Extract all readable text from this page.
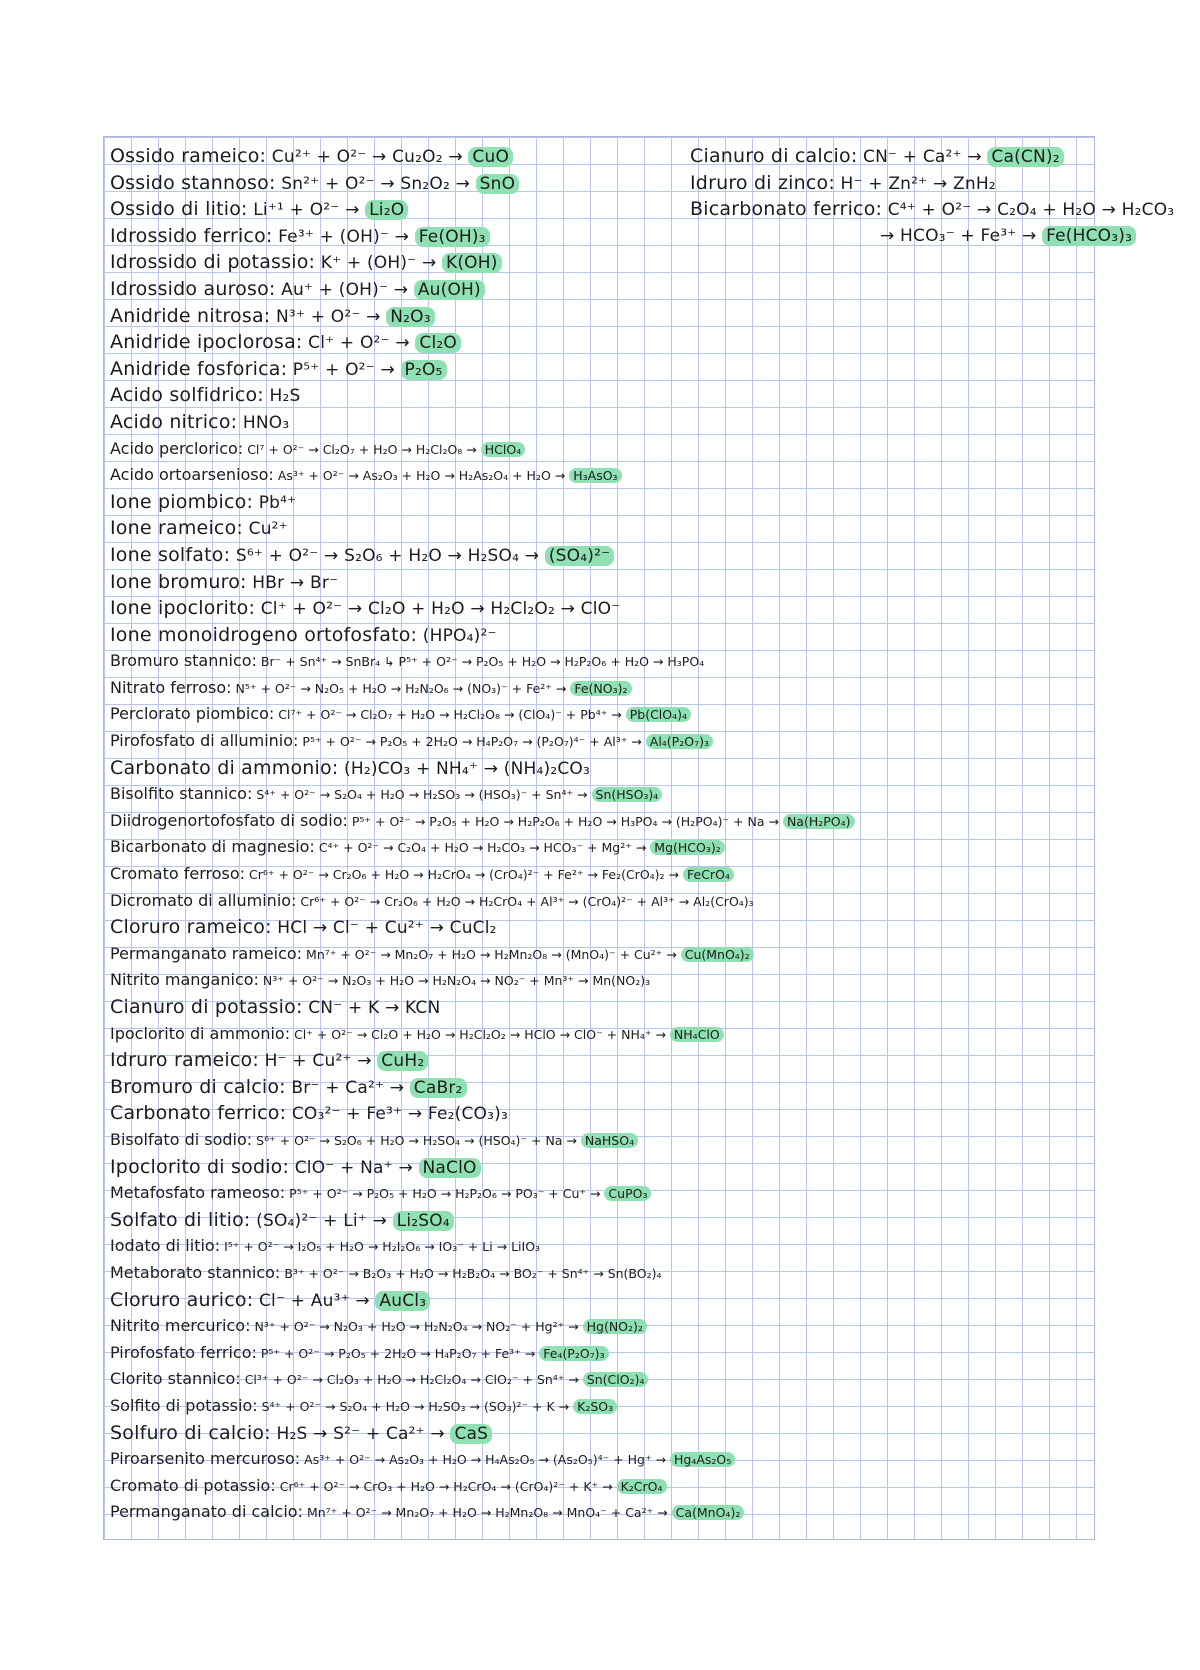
Ossido rameico: Cu²⁺ + O²⁻ → Cu₂O₂ → CuO
Ossido stannoso: Sn²⁺ + O²⁻ → Sn₂O₂ → SnO
Ossido di litio: Li⁺¹ + O²⁻ → Li₂O
Idrossido ferrico: Fe³⁺ + (OH)⁻ → Fe(OH)₃
Idrossido di potassio: K⁺ + (OH)⁻ → K(OH)
Idrossido auroso: Au⁺ + (OH)⁻ → Au(OH)
Anidride nitrosa: N³⁺ + O²⁻ → N₂O₃
Anidride ipoclorosa: Cl⁺ + O²⁻ → Cl₂O
Anidride fosforica: P⁵⁺ + O²⁻ → P₂O₅
Acido solfidrico: H₂S
Acido nitrico: HNO₃
Acido perclorico: Cl⁷ + O²⁻ → Cl₂O₇ + H₂O → H₂Cl₂O₈ → HClO₄
Acido ortoarsenioso: As³⁺ + O²⁻ → As₂O₃ + H₂O → H₂As₂O₄ + H₂O → H₃AsO₃
Ione piombico: Pb⁴⁺
Ione rameico: Cu²⁺
Ione solfato: S⁶⁺ + O²⁻ → S₂O₆ + H₂O → H₂SO₄ → (SO₄)²⁻
Ione bromuro: HBr → Br⁻
Ione ipoclorito: Cl⁺ + O²⁻ → Cl₂O + H₂O → H₂Cl₂O₂ → ClO⁻
Ione monoidrogeno ortofosfato: (HPO₄)²⁻
Bromuro stannico: Br⁻ + Sn⁴⁺ → SnBr₄ ↳ P⁵⁺ + O²⁻ → P₂O₅ + H₂O → H₂P₂O₆ + H₂O → H₃PO₄
Nitrato ferroso: N⁵⁺ + O²⁻ → N₂O₅ + H₂O → H₂N₂O₆ → (NO₃)⁻ + Fe²⁺ → Fe(NO₃)₂
Perclorato piombico: Cl⁷⁺ + O²⁻ → Cl₂O₇ + H₂O → H₂Cl₂O₈ → (ClO₄)⁻ + Pb⁴⁺ → Pb(ClO₄)₄
Pirofosfato di alluminio: P⁵⁺ + O²⁻ → P₂O₅ + 2H₂O → H₄P₂O₇ → (P₂O₇)⁴⁻ + Al³⁺ → Al₄(P₂O₇)₃
Carbonato di ammonio: (H₂)CO₃ + NH₄⁺ → (NH₄)₂CO₃
Bisolfito stannico: S⁴⁺ + O²⁻ → S₂O₄ + H₂O → H₂SO₃ → (HSO₃)⁻ + Sn⁴⁺ → Sn(HSO₃)₄
Diidrogenortofosfato di sodio: P⁵⁺ + O²⁻ → P₂O₅ + H₂O → H₂P₂O₆ + H₂O → H₃PO₄ → (H₂PO₄)⁻ + Na → Na(H₂PO₄)
Bicarbonato di magnesio: C⁴⁺ + O²⁻ → C₂O₄ + H₂O → H₂CO₃ → HCO₃⁻ + Mg²⁺ → Mg(HCO₃)₂
Cromato ferroso: Cr⁶⁺ + O²⁻ → Cr₂O₆ + H₂O → H₂CrO₄ → (CrO₄)²⁻ + Fe²⁺ → Fe₂(CrO₄)₂ → FeCrO₄
Dicromato di alluminio: Cr⁶⁺ + O²⁻ → Cr₂O₆ + H₂O → H₂CrO₄ + Al³⁺ → (CrO₄)²⁻ + Al³⁺ → Al₂(CrO₄)₃
Cloruro rameico: HCl → Cl⁻ + Cu²⁺ → CuCl₂
Permanganato rameico: Mn⁷⁺ + O²⁻ → Mn₂O₇ + H₂O → H₂Mn₂O₈ → (MnO₄)⁻ + Cu²⁺ → Cu(MnO₄)₂
Nitrito manganico: N³⁺ + O²⁻ → N₂O₃ + H₂O → H₂N₂O₄ → NO₂⁻ + Mn³⁺ → Mn(NO₂)₃
Cianuro di potassio: CN⁻ + K → KCN
Ipoclorito di ammonio: Cl⁺ + O²⁻ → Cl₂O + H₂O → H₂Cl₂O₂ → HClO → ClO⁻ + NH₄⁺ → NH₄ClO
Idruro rameico: H⁻ + Cu²⁺ → CuH₂
Bromuro di calcio: Br⁻ + Ca²⁺ → CaBr₂
Carbonato ferrico: CO₃²⁻ + Fe³⁺ → Fe₂(CO₃)₃
Bisolfato di sodio: S⁶⁺ + O²⁻ → S₂O₆ + H₂O → H₂SO₄ → (HSO₄)⁻ + Na → NaHSO₄
Ipoclorito di sodio: ClO⁻ + Na⁺ → NaClO
Metafosfato rameoso: P⁵⁺ + O²⁻ → P₂O₅ + H₂O → H₂P₂O₆ → PO₃⁻ + Cu⁺ → CuPO₃
Solfato di litio: (SO₄)²⁻ + Li⁺ → Li₂SO₄
Iodato di litio: I⁵⁺ + O²⁻ → I₂O₅ + H₂O → H₂I₂O₆ → IO₃⁻ + Li → LiIO₃
Metaborato stannico: B³⁺ + O²⁻ → B₂O₃ + H₂O → H₂B₂O₄ → BO₂⁻ + Sn⁴⁺ → Sn(BO₂)₄
Cloruro aurico: Cl⁻ + Au³⁺ → AuCl₃
Nitrito mercurico: N³⁺ + O²⁻ → N₂O₃ + H₂O → H₂N₂O₄ → NO₂⁻ + Hg²⁺ → Hg(NO₂)₂
Pirofosfato ferrico: P⁵⁺ + O²⁻ → P₂O₅ + 2H₂O → H₄P₂O₇ + Fe³⁺ → Fe₄(P₂O₇)₃
Clorito stannico: Cl³⁺ + O²⁻ → Cl₂O₃ + H₂O → H₂Cl₂O₄ → ClO₂⁻ + Sn⁴⁺ → Sn(ClO₂)₄
Solfito di potassio: S⁴⁺ + O²⁻ → S₂O₄ + H₂O → H₂SO₃ → (SO₃)²⁻ + K → K₂SO₃
Solfuro di calcio: H₂S → S²⁻ + Ca²⁺ → CaS
Piroarsenito mercuroso: As³⁺ + O²⁻ → As₂O₃ + H₂O → H₄As₂O₅ → (As₂O₅)⁴⁻ + Hg⁺ → Hg₄As₂O₅
Cromato di potassio: Cr⁶⁺ + O²⁻ → CrO₃ + H₂O → H₂CrO₄ → (CrO₄)²⁻ + K⁺ → K₂CrO₄
Permanganato di calcio: Mn⁷⁺ + O²⁻ → Mn₂O₇ + H₂O → H₂Mn₂O₈ → MnO₄⁻ + Ca²⁺ → Ca(MnO₄)₂
Cianuro di calcio: CN⁻ + Ca²⁺ → Ca(CN)₂
Idruro di zinco: H⁻ + Zn²⁺ → ZnH₂
Bicarbonato ferrico: C⁴⁺ + O²⁻ → C₂O₄ + H₂O → H₂CO₃
→ HCO₃⁻ + Fe³⁺ → Fe(HCO₃)₃
